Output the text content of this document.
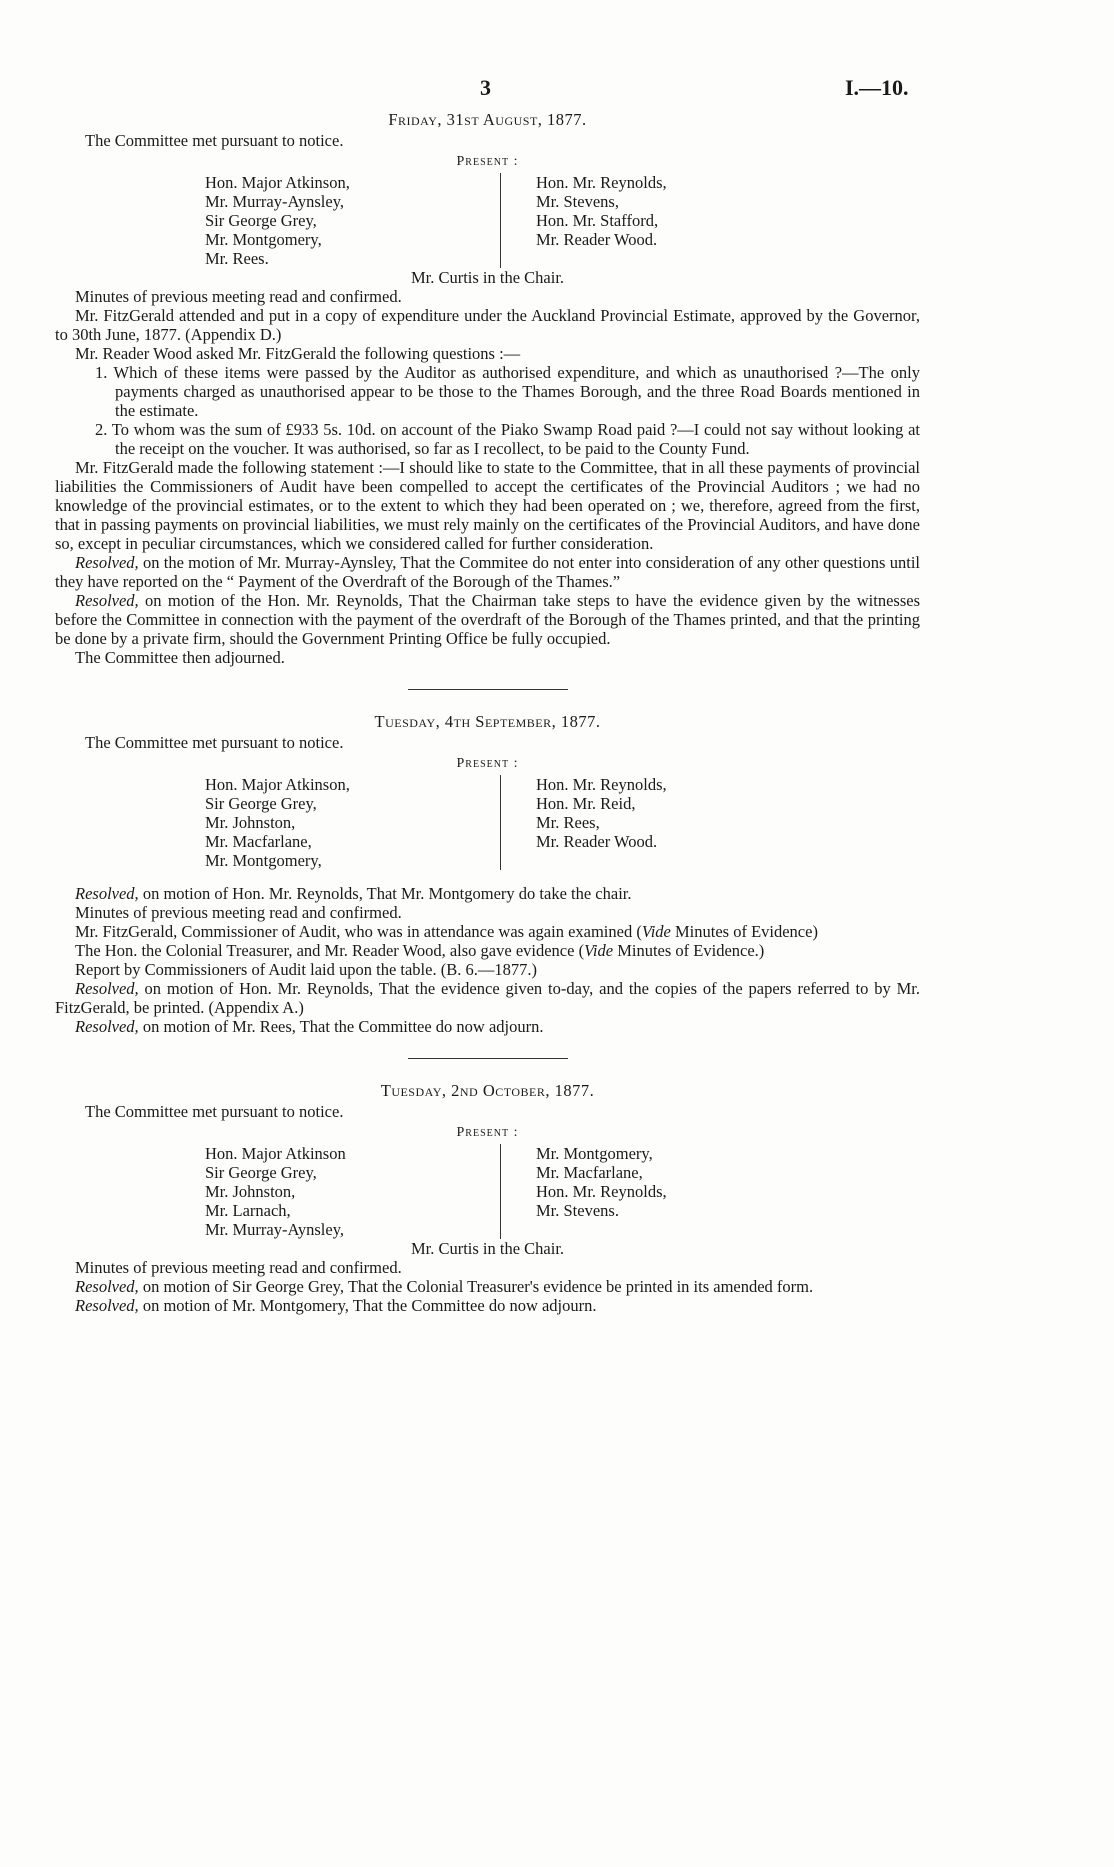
3	I.—10.

Friday, 31st August, 1877.

The Committee met pursuant to notice.

Present :

Hon. Major Atkinson,
Mr. Murray-Aynsley,
Sir George Grey,
Mr. Montgomery,
Mr. Rees.
Hon. Mr. Reynolds,
Mr. Stevens,
Hon. Mr. Stafford,
Mr. Reader Wood.

Mr. Curtis in the Chair.

Minutes of previous meeting read and confirmed.

Mr. FitzGerald attended and put in a copy of expenditure under the Auckland Provincial Estimate, approved by the Governor, to 30th June, 1877. (Appendix D.)

Mr. Reader Wood asked Mr. FitzGerald the following questions :—

1. Which of these items were passed by the Auditor as authorised expenditure, and which as unauthorised ?—The only payments charged as unauthorised appear to be those to the Thames Borough, and the three Road Boards mentioned in the estimate.

2. To whom was the sum of £933 5s. 10d. on account of the Piako Swamp Road paid ?—I could not say without looking at the receipt on the voucher. It was authorised, so far as I recollect, to be paid to the County Fund.

Mr. FitzGerald made the following statement :—I should like to state to the Committee, that in all these payments of provincial liabilities the Commissioners of Audit have been compelled to accept the certificates of the Provincial Auditors ; we had no knowledge of the provincial estimates, or to the extent to which they had been operated on ; we, therefore, agreed from the first, that in passing payments on provincial liabilities, we must rely mainly on the certificates of the Provincial Auditors, and have done so, except in peculiar circumstances, which we considered called for further consideration.

Resolved, on the motion of Mr. Murray-Aynsley, That the Commitee do not enter into consideration of any other questions until they have reported on the “ Payment of the Overdraft of the Borough of the Thames.”

Resolved, on motion of the Hon. Mr. Reynolds, That the Chairman take steps to have the evidence given by the witnesses before the Committee in connection with the payment of the overdraft of the Borough of the Thames printed, and that the printing be done by a private firm, should the Government Printing Office be fully occupied.

The Committee then adjourned.

Tuesday, 4th September, 1877.

The Committee met pursuant to notice.

Present :

Hon. Major Atkinson,
Sir George Grey,
Mr. Johnston,
Mr. Macfarlane,
Mr. Montgomery,
Hon. Mr. Reynolds,
Hon. Mr. Reid,
Mr. Rees,
Mr. Reader Wood.

Resolved, on motion of Hon. Mr. Reynolds, That Mr. Montgomery do take the chair.

Minutes of previous meeting read and confirmed.

Mr. FitzGerald, Commissioner of Audit, who was in attendance was again examined (Vide Minutes of Evidence)

The Hon. the Colonial Treasurer, and Mr. Reader Wood, also gave evidence (Vide Minutes of Evidence.)

Report by Commissioners of Audit laid upon the table. (B. 6.—1877.)

Resolved, on motion of Hon. Mr. Reynolds, That the evidence given to-day, and the copies of the papers referred to by Mr. FitzGerald, be printed. (Appendix A.)

Resolved, on motion of Mr. Rees, That the Committee do now adjourn.

Tuesday, 2nd October, 1877.

The Committee met pursuant to notice.

Present :

Hon. Major Atkinson
Sir George Grey,
Mr. Johnston,
Mr. Larnach,
Mr. Murray-Aynsley,
Mr. Montgomery,
Mr. Macfarlane,
Hon. Mr. Reynolds,
Mr. Stevens.

Mr. Curtis in the Chair.

Minutes of previous meeting read and confirmed.

Resolved, on motion of Sir George Grey, That the Colonial Treasurer's evidence be printed in its amended form.

Resolved, on motion of Mr. Montgomery, That the Committee do now adjourn.
